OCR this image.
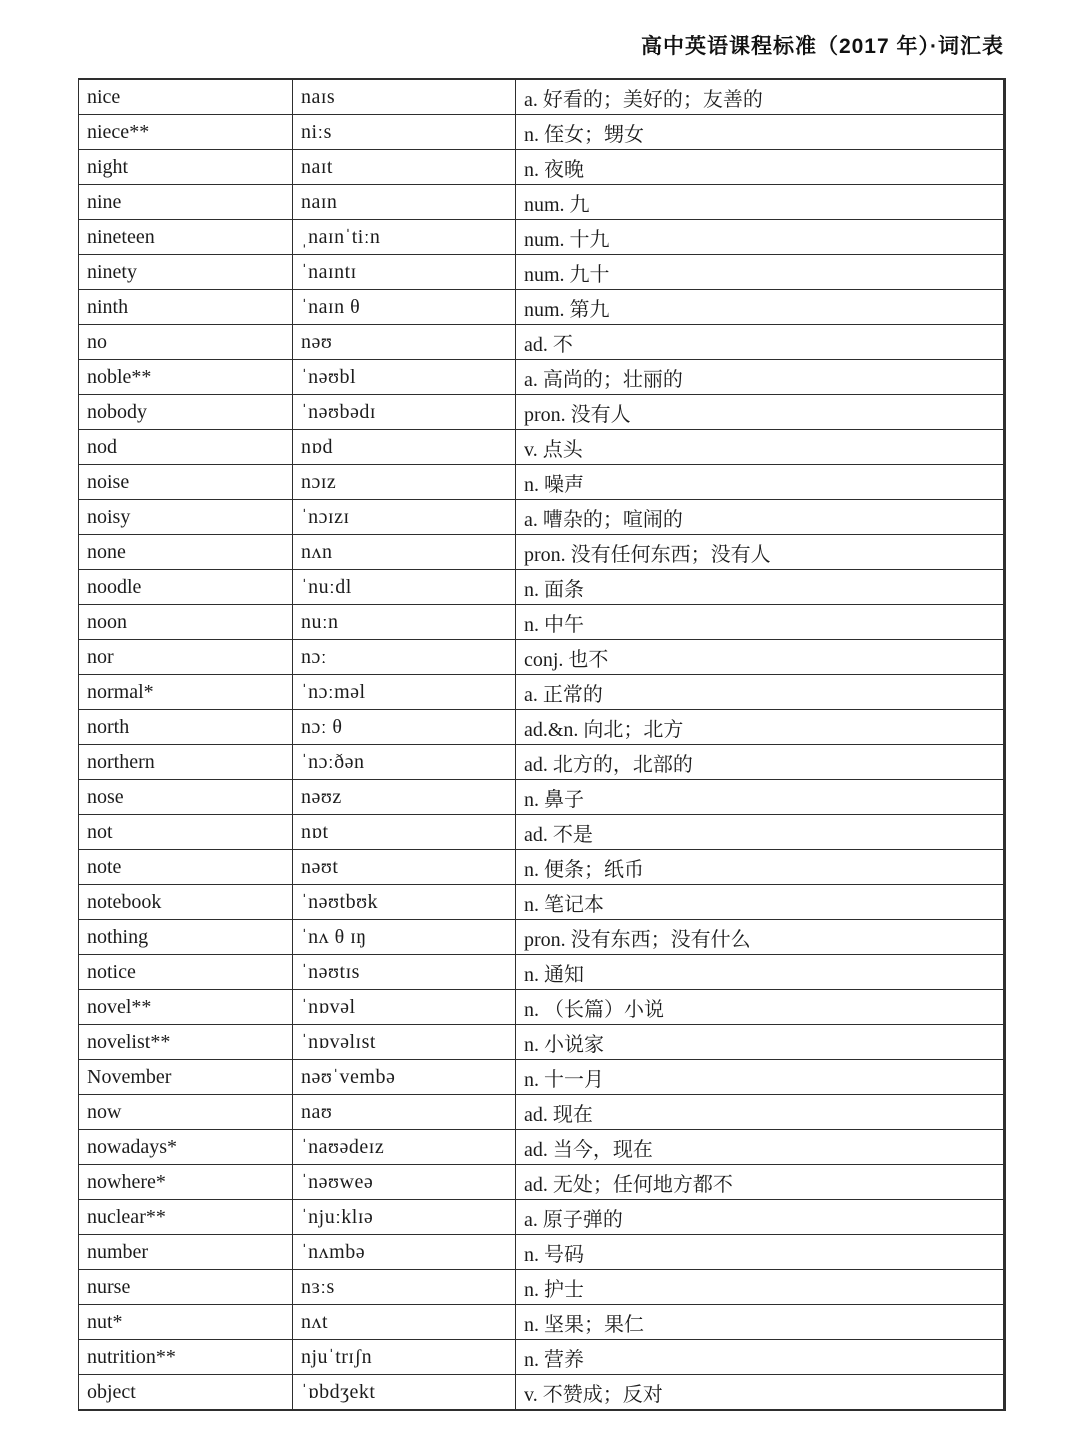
高中英语课程标准（2017 年）·词汇表
nice	naɪs	a. 好看的；美好的；友善的
niece**	niːs	n. 侄女；甥女
night	naɪt	n. 夜晚
nine	naɪn	num. 九
nineteen	ˌnaɪnˈtiːn	num. 十九
ninety	ˈnaɪntɪ	num. 九十
ninth	ˈnaɪn θ	num. 第九
no	nəʊ	ad. 不
noble**	ˈnəʊbl	a. 高尚的；壮丽的
nobody	ˈnəʊbədɪ	pron. 没有人
nod	nɒd	v. 点头
noise	nɔɪz	n. 噪声
noisy	ˈnɔɪzɪ	a. 嘈杂的；喧闹的
none	nʌn	pron. 没有任何东西；没有人
noodle	ˈnuːdl	n. 面条
noon	nuːn	n. 中午
nor	nɔː	conj. 也不
normal*	ˈnɔːməl	a. 正常的
north	nɔː θ	ad.&n. 向北；北方
northern	ˈnɔːðən	ad. 北方的，北部的
nose	nəʊz	n. 鼻子
not	nɒt	ad. 不是
note	nəʊt	n. 便条；纸币
notebook	ˈnəʊtbʊk	n. 笔记本
nothing	ˈnʌ θ ɪŋ	pron. 没有东西；没有什么
notice	ˈnəʊtɪs	n. 通知
novel**	ˈnɒvəl	n. （长篇）小说
novelist**	ˈnɒvəlɪst	n. 小说家
November	nəʊˈvembə	n. 十一月
now	naʊ	ad. 现在
nowadays*	ˈnaʊədeɪz	ad. 当今，现在
nowhere*	ˈnəʊweə	ad. 无处；任何地方都不
nuclear**	ˈnjuːklɪə	a. 原子弹的
number	ˈnʌmbə	n. 号码
nurse	nɜːs	n. 护士
nut*	nʌt	n. 坚果；果仁
nutrition**	njuˈtrɪʃn	n. 营养
object	ˈɒbdʒekt	v. 不赞成；反对
